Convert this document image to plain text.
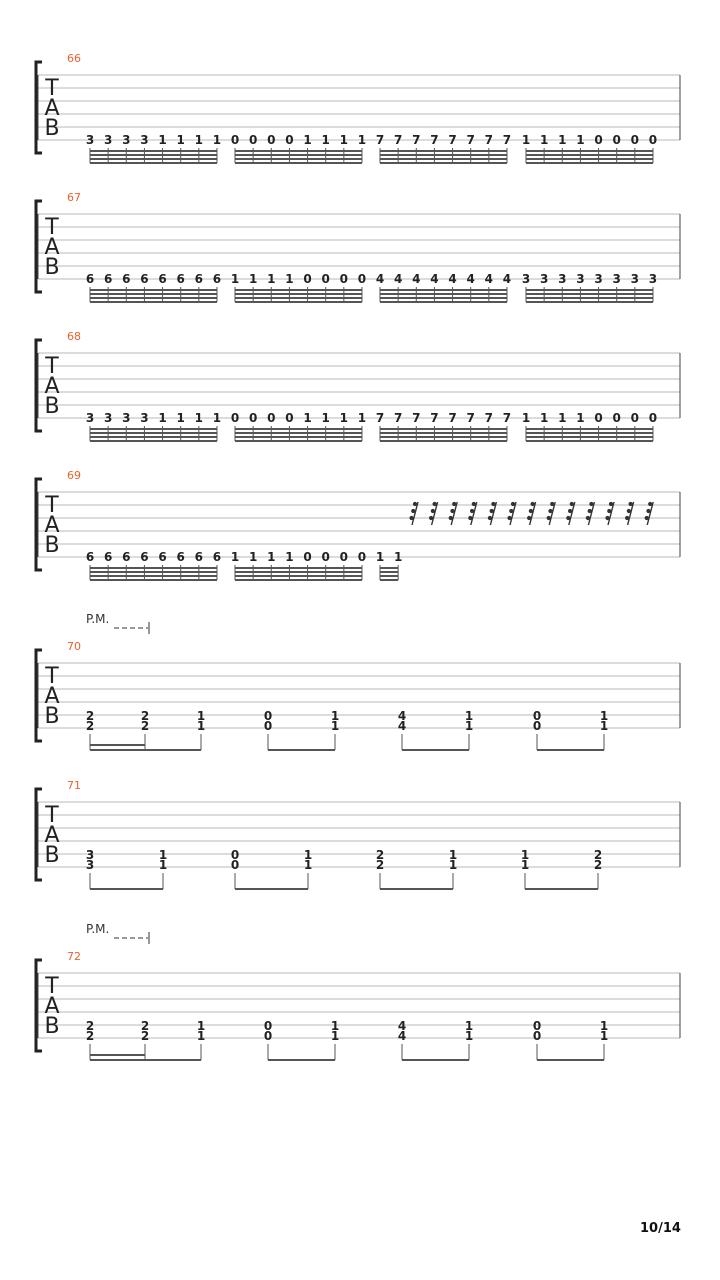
T
A
B
66
3 3 3 3 1 1 1 1 0 0 0 0 1 1 1 1 7 7 7 7 7 7 7 7 1 1 1 1 0 0 0 0
T
A
B
67
6 6 6 6 6 6 6 6 1 1 1 1 0 0 0 0 4 4 4 4 4 4 4 4 3 3 3 3 3 3 3 3
T
A
B
68
3 3 3 3 1 1 1 1 0 0 0 0 1 1 1 1 7 7 7 7 7 7 7 7 1 1 1 1 0 0 0 0
T
A
B
69
6 6 6 6 6 6 6 6 1 1 1 1 0 0 0 0 1 1
T
A
B
70
P.M.
2
2
2
2
1
1
0
0
1
1
4
4
1
1
0
0
1
1
T
A
B
71
3
3
1
1
0
0
1
1
2
2
1
1
1
1
2
2
T
A
B
72
P.M.
2
2
2
2
1
1
0
0
1
1
4
4
1
1
0
0
1
1
10/14
